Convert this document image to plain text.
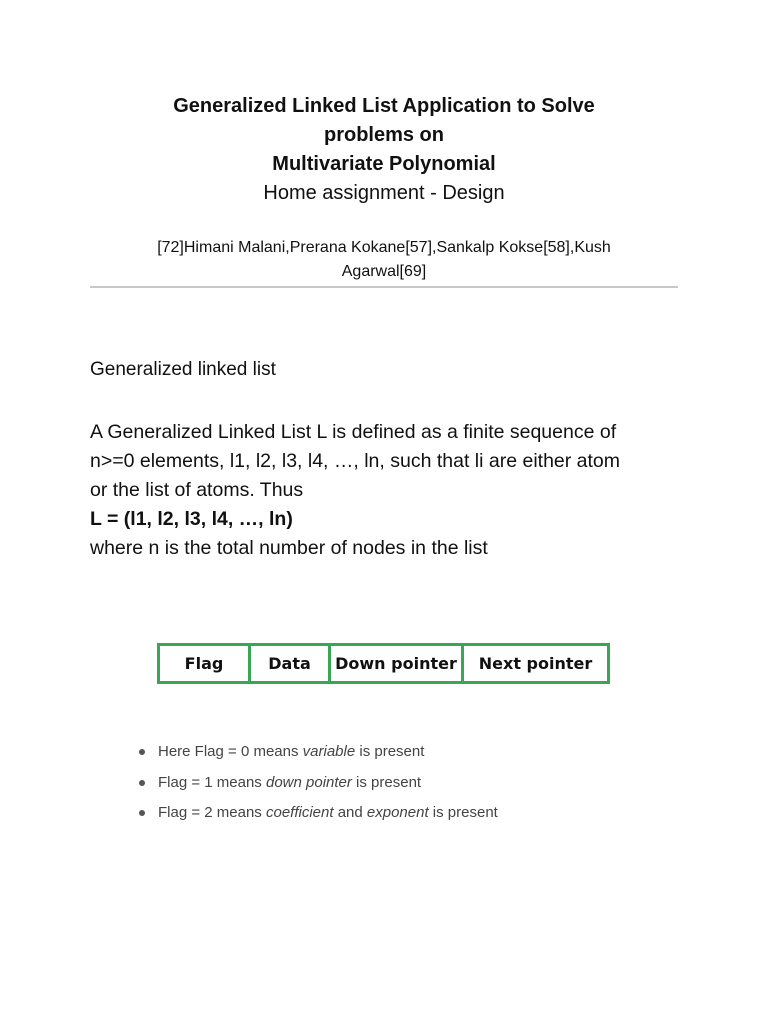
Generalized Linked List Application to Solve
problems on
Multivariate Polynomial
Home assignment - Design
[72]Himani Malani,Prerana Kokane[57],Sankalp Kokse[58],Kush
Agarwal[69]
Generalized linked list
A Generalized Linked List L is defined as a finite sequence of
n>=0 elements, l1, l2, l3, l4, …, ln, such that li are either atom
or the list of atoms. Thus
L = (l1, l2, l3, l4, …, ln)
where n is the total number of nodes in the list
Flag	Data	Down pointer	Next pointer
Here Flag = 0 means variable is present
Flag = 1 means down pointer is present
Flag = 2 means coefficient and exponent is present
